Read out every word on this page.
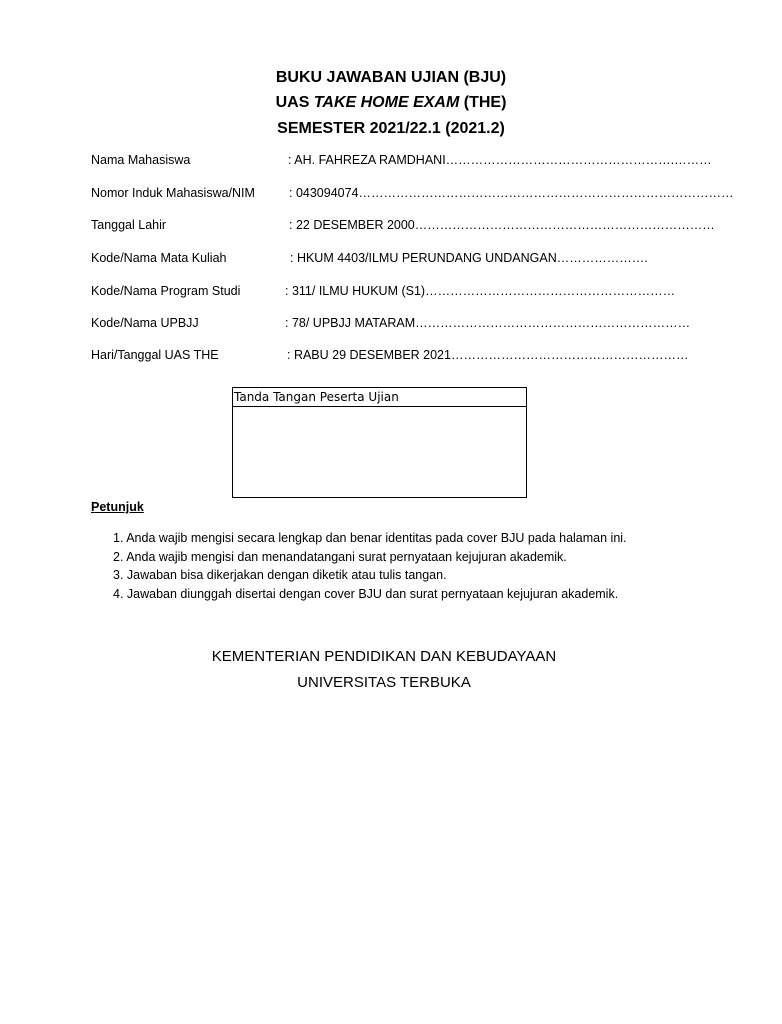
BUKU JAWABAN UJIAN (BJU)
UAS TAKE HOME EXAM (THE)
SEMESTER 2021/22.1 (2021.2)
Nama Mahasiswa	: AH. FAHREZA RAMDHANI……………………………………………….………
Nomor Induk Mahasiswa/NIM	: 043094074………………………………………………………………………………
Tanggal Lahir	: 22 DESEMBER 2000………………………………………………………………
Kode/Nama Mata Kuliah	: HKUM 4403/ILMU PERUNDANG UNDANGAN………………….
Kode/Nama Program Studi	: 311/ ILMU HUKUM (S1)……………………………………………………
Kode/Nama UPBJJ	: 78/ UPBJJ MATARAM…………………………………………………………
Hari/Tanggal UAS THE	: RABU 29 DESEMBER 2021…………………………………………………
Tanda Tangan Peserta Ujian
Petunjuk
1. Anda wajib mengisi secara lengkap dan benar identitas pada cover BJU pada halaman ini.
2. Anda wajib mengisi dan menandatangani surat pernyataan kejujuran akademik.
3. Jawaban bisa dikerjakan dengan diketik atau tulis tangan.
4. Jawaban diunggah disertai dengan cover BJU dan surat pernyataan kejujuran akademik.
KEMENTERIAN PENDIDIKAN DAN KEBUDAYAAN
UNIVERSITAS TERBUKA
